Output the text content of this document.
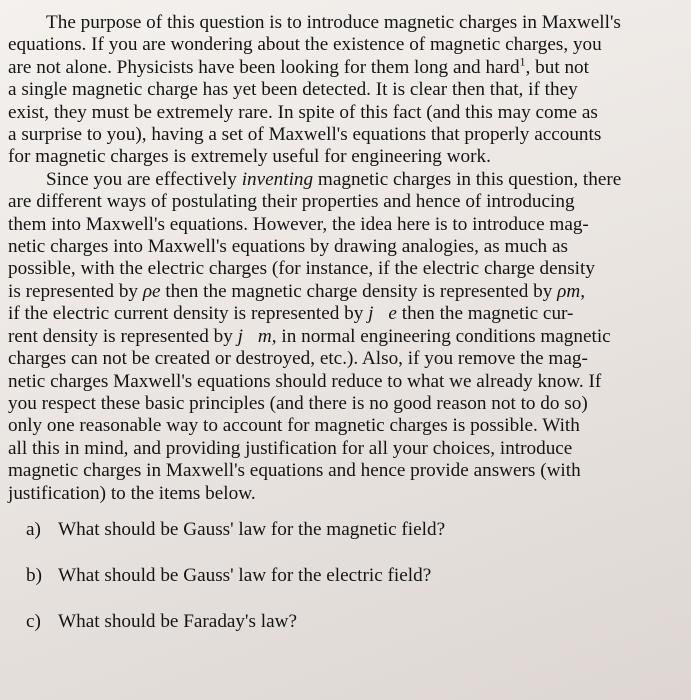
The purpose of this question is to introduce magnetic charges in Maxwell's
equations. If you are wondering about the existence of magnetic charges, you
are not alone. Physicists have been looking for them long and hard$^1$, but not
a single magnetic charge has yet been detected. It is clear then that, if they
exist, they must be extremely rare. In spite of this fact (and this may come as
a surprise to you), having a set of Maxwell's equations that properly accounts
for magnetic charges is extremely useful for engineering work.
Since you are effectively inventing magnetic charges in this question, there
are different ways of postulating their properties and hence of introducing
them into Maxwell's equations. However, the idea here is to introduce mag-
netic charges into Maxwell's equations by drawing analogies, as much as
possible, with the electric charges (for instance, if the electric charge density
is represented by ρe then the magnetic charge density is represented by ρm,
if the electric current density is represented by j⃗e then the magnetic cur-
rent density is represented by j⃗m, in normal engineering conditions magnetic
charges can not be created or destroyed, etc.). Also, if you remove the mag-
netic charges Maxwell's equations should reduce to what we already know. If
you respect these basic principles (and there is no good reason not to do so)
only one reasonable way to account for magnetic charges is possible. With
all this in mind, and providing justification for all your choices, introduce
magnetic charges in Maxwell's equations and hence provide answers (with
justification) to the items below.

a) What should be Gauss' law for the magnetic field?

b) What should be Gauss' law for the electric field?

c) What should be Faraday's law?
